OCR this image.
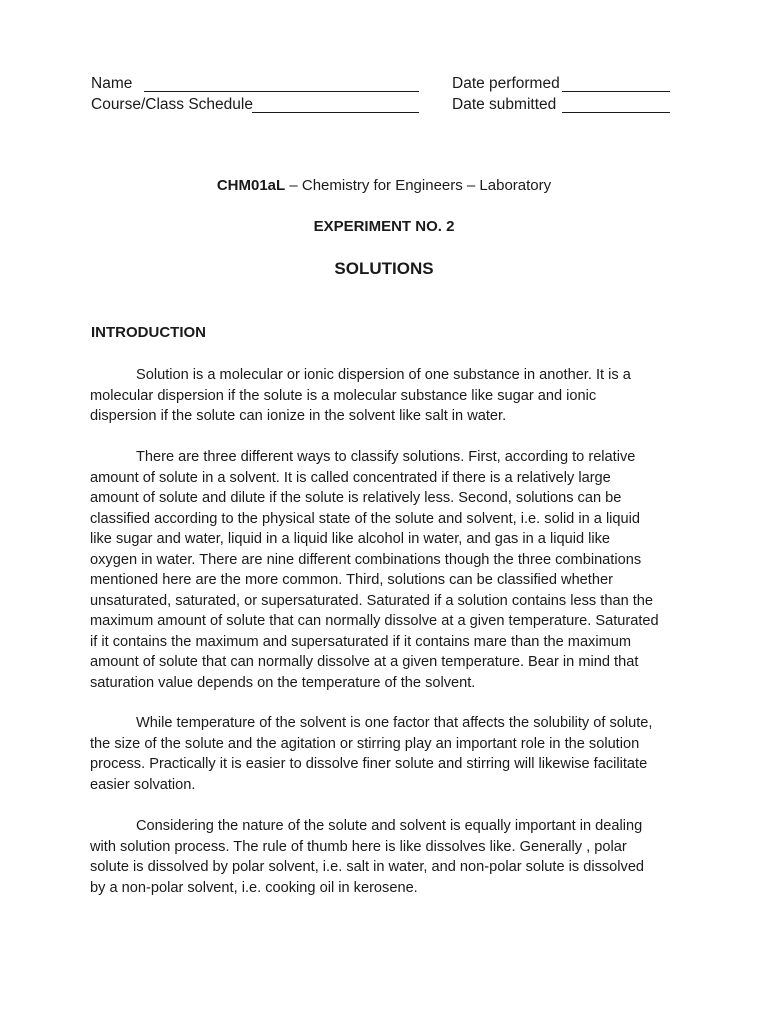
Name
Course/Class Schedule
Date performed
Date submitted
CHM01aL – Chemistry for Engineers – Laboratory
EXPERIMENT NO. 2
SOLUTIONS
INTRODUCTION
Solution is a molecular or ionic dispersion of one substance in another. It is a
molecular dispersion if the solute is a molecular substance like sugar and ionic
dispersion if the solute can ionize in the solvent like salt in water.
There are three different ways to classify solutions. First, according to relative
amount of solute in a solvent. It is called concentrated if there is a relatively large
amount of solute and dilute if the solute is relatively less. Second, solutions can be
classified according to the physical state of the solute and solvent, i.e. solid in a liquid
like sugar and water, liquid in a liquid like alcohol in water, and gas in a liquid like
oxygen in water. There are nine different combinations though the three combinations
mentioned here are the more common. Third, solutions can be classified whether
unsaturated, saturated, or supersaturated. Saturated if a solution contains less than the
maximum amount of solute that can normally dissolve at a given temperature. Saturated
if it contains the maximum and supersaturated if it contains mare than the maximum
amount of solute that can normally dissolve at a given temperature. Bear in mind that
saturation value depends on the temperature of the solvent.
While temperature of the solvent is one factor that affects the solubility of solute,
the size of the solute and the agitation or stirring play an important role in the solution
process. Practically it is easier to dissolve finer solute and stirring will likewise facilitate
easier solvation.
Considering the nature of the solute and solvent is equally important in dealing
with solution process. The rule of thumb here is like dissolves like. Generally , polar
solute is dissolved by polar solvent, i.e. salt in water, and non-polar solute is dissolved
by a non-polar solvent, i.e. cooking oil in kerosene.
